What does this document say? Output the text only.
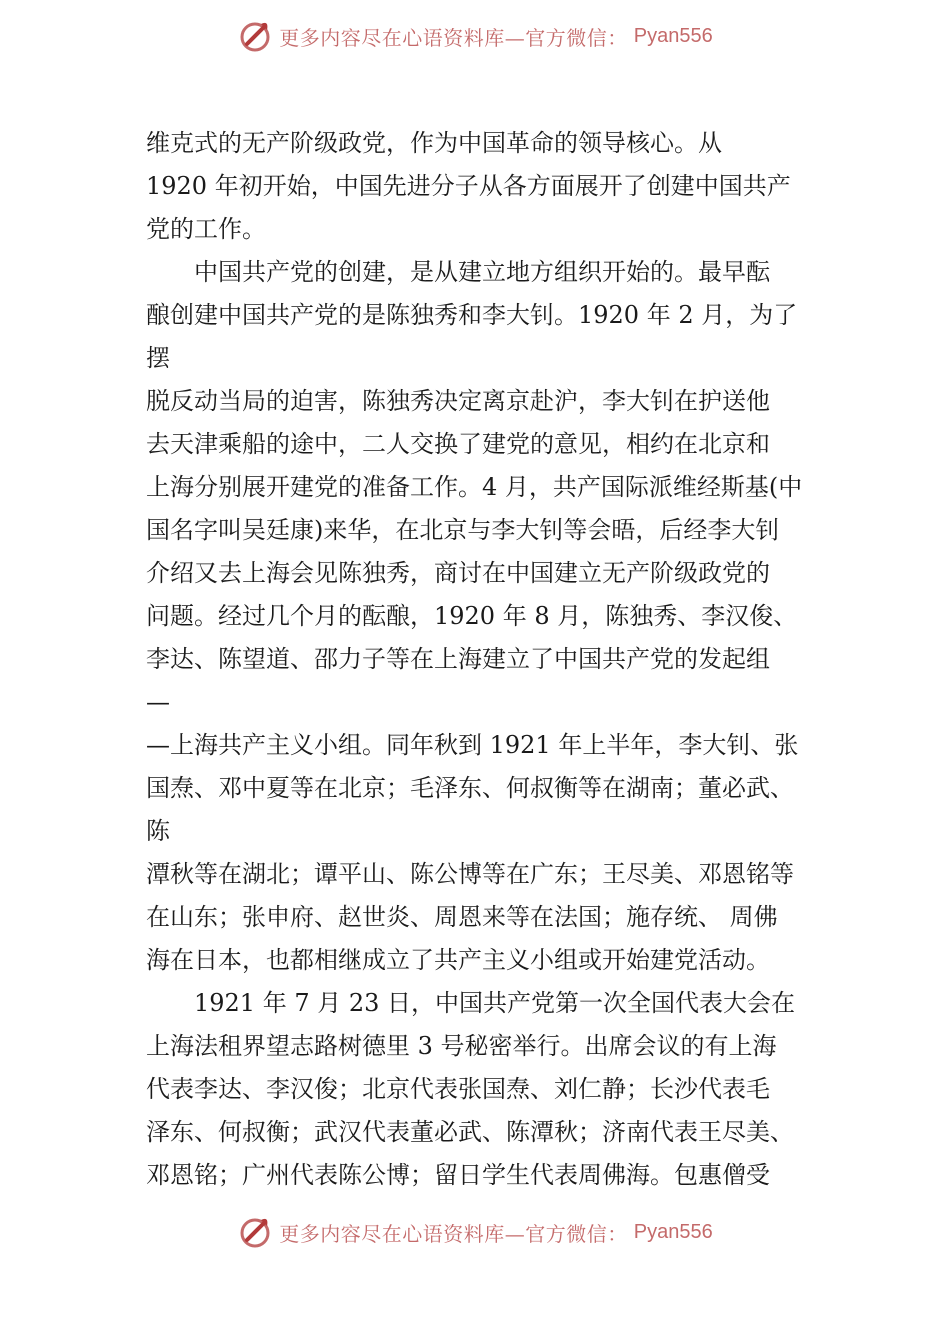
更多内容尽在心语资料库—官方微信： Pyan556
维克式的无产阶级政党，作为中国革命的领导核心。从
1920 年初开始，中国先进分子从各方面展开了创建中国共产
党的工作。
　　中国共产党的创建，是从建立地方组织开始的。最早酝
酿创建中国共产党的是陈独秀和李大钊。1920 年 2 月，为了摆
脱反动当局的迫害，陈独秀决定离京赴沪，李大钊在护送他
去天津乘船的途中，二人交换了建党的意见，相约在北京和
上海分别展开建党的准备工作。4 月，共产国际派维经斯基(中
国名字叫吴廷康)来华，在北京与李大钊等会晤，后经李大钊
介绍又去上海会见陈独秀，商讨在中国建立无产阶级政党的
问题。经过几个月的酝酿，1920 年 8 月，陈独秀、李汉俊、
李达、陈望道、邵力子等在上海建立了中国共产党的发起组
—
—上海共产主义小组。同年秋到 1921 年上半年，李大钊、张
国焘、邓中夏等在北京；毛泽东、何叔衡等在湖南；董必武、陈
潭秋等在湖北；谭平山、陈公博等在广东；王尽美、邓恩铭等
在山东；张申府、赵世炎、周恩来等在法国；施存统、 周佛
海在日本，也都相继成立了共产主义小组或开始建党活动。
　　1921 年 7 月 23 日，中国共产党第一次全国代表大会在
上海法租界望志路树德里 3 号秘密举行。出席会议的有上海
代表李达、李汉俊；北京代表张国焘、刘仁静；长沙代表毛
泽东、何叔衡；武汉代表董必武、陈潭秋；济南代表王尽美、
邓恩铭；广州代表陈公博；留日学生代表周佛海。包惠僧受
更多内容尽在心语资料库—官方微信： Pyan556
